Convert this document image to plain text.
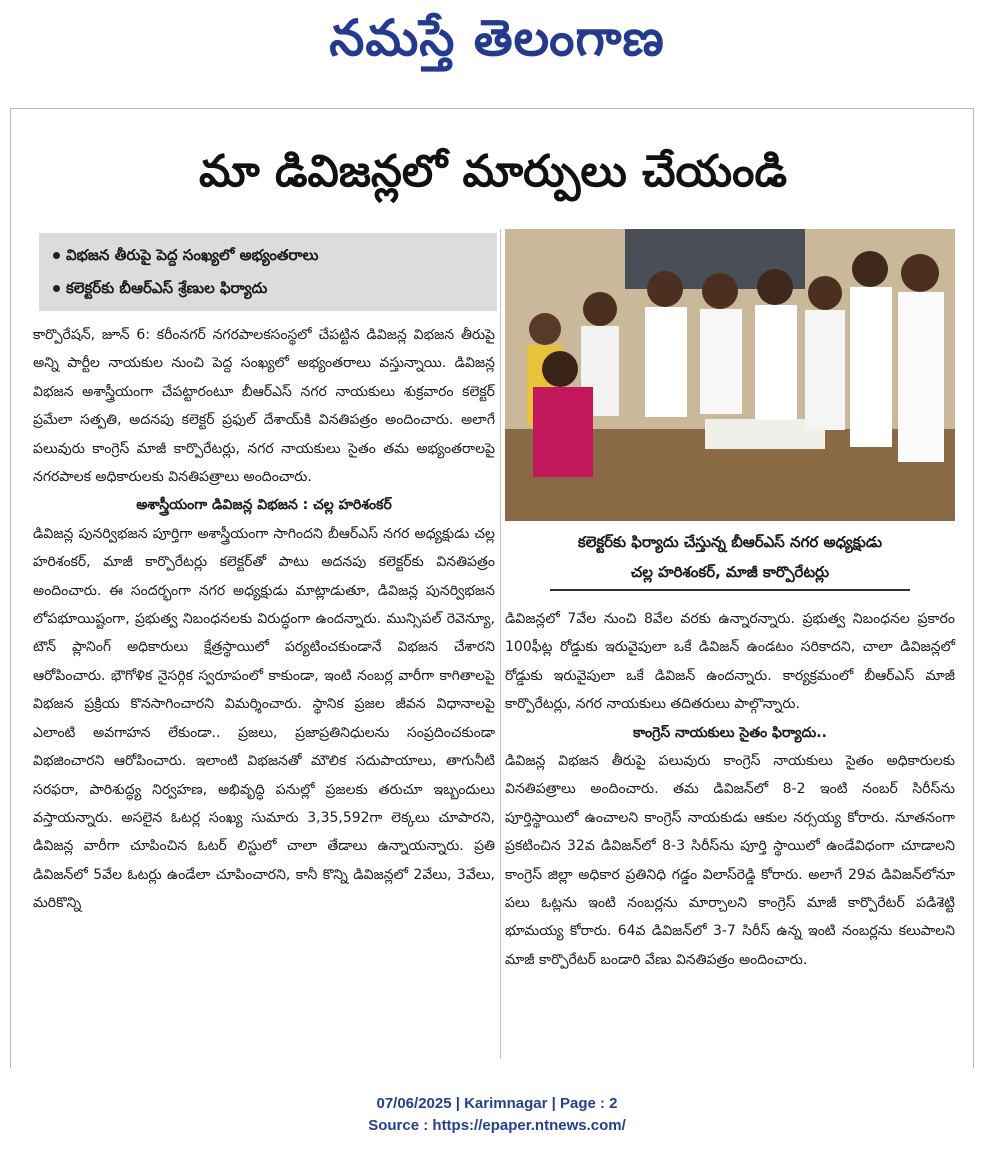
నమస్తే తెలంగాణ
మా డివిజన్లలో మార్పులు చేయండి
విభజన తీరుపై పెద్ద సంఖ్యలో అభ్యంతరాలు
కలెక్టర్‌కు బీఆర్‌ఎస్ శ్రేణుల ఫిర్యాదు

కార్పొరేషన్, జూన్ 6: కరీంనగర్ నగరపాలకసంస్థలో చేపట్టిన డివిజన్ల విభజన తీరుపై అన్ని పార్టీల నాయకుల నుంచి పెద్ద సంఖ్యలో అభ్యంతరాలు వస్తున్నాయి. డివిజన్ల విభజన అశాస్త్రీయంగా చేపట్టారంటూ బీఆర్‌ఎస్ నగర నాయకులు శుక్రవారం కలెక్టర్ ప్రమేలా సత్పతి, అదనపు కలెక్టర్ ప్రఫుల్ దేశాయ్‌కి వినతిపత్రం అందించారు. అలాగే పలువురు కాంగ్రెస్ మాజీ కార్పొరేటర్లు, నగర నాయకులు సైతం తమ అభ్యంతరాలపై నగరపాలక అధికారులకు వినతిపత్రాలు అందించారు.

అశాస్త్రీయంగా డివిజన్ల విభజన : చల్ల హరిశంకర్

డివిజన్ల పునర్విభజన పూర్తిగా అశాస్త్రీయంగా సాగిందని బీఆర్‌ఎస్ నగర అధ్యక్షుడు చల్ల హరిశంకర్, మాజీ కార్పొరేటర్లు కలెక్టర్‌తో పాటు అదనపు కలెక్టర్‌కు వినతిపత్రం అందించారు. ఈ సందర్భంగా నగర అధ్యక్షుడు మాట్లాడుతూ, డివిజన్ల పునర్విభజన లోపభూయిష్టంగా, ప్రభుత్వ నిబంధనలకు విరుద్ధంగా ఉందన్నారు. మున్సిపల్ రెవెన్యూ, టౌన్ ప్లానింగ్ అధికారులు క్షేత్రస్థాయిలో పర్యటించకుండానే విభజన చేశారని ఆరోపించారు. భౌగోళిక నైసర్గిక స్వరూపంలో కాకుండా, ఇంటి నంబర్ల వారీగా కాగితాలపై విభజన ప్రక్రియ కొనసాగించారని విమర్శించారు. స్థానిక ప్రజల జీవన విధానాలపై ఎలాంటి అవగాహన లేకుండా.. ప్రజలు, ప్రజాప్రతినిధులను సంప్రదించకుండా విభజించారని ఆరోపించారు. ఇలాంటి విభజనతో మౌలిక సదుపాయాలు, తాగునీటి సరఫరా, పారిశుద్ధ్య నిర్వహణ, అభివృద్ధి పనుల్లో ప్రజలకు తరుచూ ఇబ్బందులు వస్తాయన్నారు. అసలైన ఓటర్ల సంఖ్య సుమారు 3,35,592గా లెక్కలు చూపారని, డివిజన్ల వారీగా చూపించిన ఓటర్ లిస్టులో చాలా తేడాలు ఉన్నాయన్నారు. ప్రతి డివిజన్‌లో 5వేల ఓటర్లు ఉండేలా చూపించారని, కానీ కొన్ని డివిజన్లలో 2వేలు, 3వేలు, మరికొన్ని

కలెక్టర్‌కు ఫిర్యాదు చేస్తున్న బీఆర్‌ఎస్ నగర అధ్యక్షుడు
చల్ల హరిశంకర్, మాజీ కార్పొరేటర్లు

డివిజన్లలో 7వేల నుంచి 8వేల వరకు ఉన్నారన్నారు. ప్రభుత్వ నిబంధనల ప్రకారం 100ఫీట్ల రోడ్డుకు ఇరువైపులా ఒకే డివిజన్ ఉండటం సరికాదని, చాలా డివిజన్లలో రోడ్డుకు ఇరువైపులా ఒకే డివిజన్ ఉందన్నారు. కార్యక్రమంలో బీఆర్‌ఎస్ మాజీ కార్పొరేటర్లు, నగర నాయకులు తదితరులు పాల్గొన్నారు.

కాంగ్రెస్ నాయకులు సైతం ఫిర్యాదు..

డివిజన్ల విభజన తీరుపై పలువురు కాంగ్రెస్ నాయకులు సైతం అధికారులకు వినతిపత్రాలు అందించారు. తమ డివిజన్‌లో 8-2 ఇంటి నంబర్ సిరీస్‌ను పూర్తిస్థాయిలో ఉంచాలని కాంగ్రెస్ నాయకుడు ఆకుల నర్సయ్య కోరారు. నూతనంగా ప్రకటించిన 32వ డివిజన్‌లో 8-3 సిరీస్‌ను పూర్తి స్థాయిలో ఉండేవిధంగా చూడాలని కాంగ్రెస్ జిల్లా అధికార ప్రతినిధి గడ్డం విలాస్‌రెడ్డి కోరారు. అలాగే 29వ డివిజన్‌లోనూ పలు ఓట్లను ఇంటి నంబర్లను మార్చాలని కాంగ్రెస్ మాజీ కార్పొరేటర్ పడిశెట్టి భూమయ్య కోరారు. 64వ డివిజన్‌లో 3-7 సిరీస్ ఉన్న ఇంటి నంబర్లను కలుపాలని మాజీ కార్పొరేటర్ బండారి వేణు వినతిపత్రం అందించారు.

07/06/2025 | Karimnagar | Page : 2
Source : https://epaper.ntnews.com/
